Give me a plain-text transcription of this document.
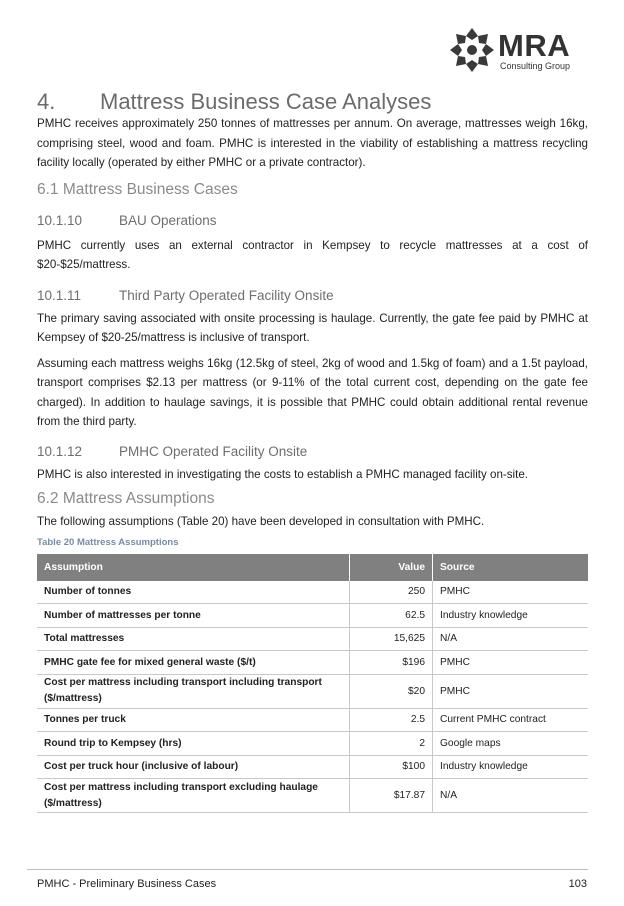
MRA
Consulting Group
4.	Mattress Business Case Analyses

PMHC receives approximately 250 tonnes of mattresses per annum. On average, mattresses weigh 16kg, comprising steel, wood and foam. PMHC is interested in the viability of establishing a mattress recycling facility locally (operated by either PMHC or a private contractor).

6.1 Mattress Business Cases
10.1.10	BAU Operations

PMHC currently uses an external contractor in Kempsey to recycle mattresses at a cost of $20-$25/mattress.

10.1.11	Third Party Operated Facility Onsite

The primary saving associated with onsite processing is haulage. Currently, the gate fee paid by PMHC at Kempsey of $20-25/mattress is inclusive of transport.

Assuming each mattress weighs 16kg (12.5kg of steel, 2kg of wood and 1.5kg of foam) and a 1.5t payload, transport comprises $2.13 per mattress (or 9-11% of the total current cost, depending on the gate fee charged). In addition to haulage savings, it is possible that PMHC could obtain additional rental revenue from the third party.

10.1.12	PMHC Operated Facility Onsite

PMHC is also interested in investigating the costs to establish a PMHC managed facility on-site.

6.2 Mattress Assumptions

The following assumptions (Table 20) have been developed in consultation with PMHC.

Table 20 Mattress Assumptions
Assumption	Value	Source
Number of tonnes	250	PMHC
Number of mattresses per tonne	62.5	Industry knowledge
Total mattresses	15,625	N/A
PMHC gate fee for mixed general waste ($/t)	$196	PMHC
Cost per mattress including transport including transport ($/mattress)	$20	PMHC
Tonnes per truck	2.5	Current PMHC contract
Round trip to Kempsey (hrs)	2	Google maps
Cost per truck hour (inclusive of labour)	$100	Industry knowledge
Cost per mattress including transport excluding haulage ($/mattress)	$17.87	N/A
PMHC - Preliminary Business Cases	103
